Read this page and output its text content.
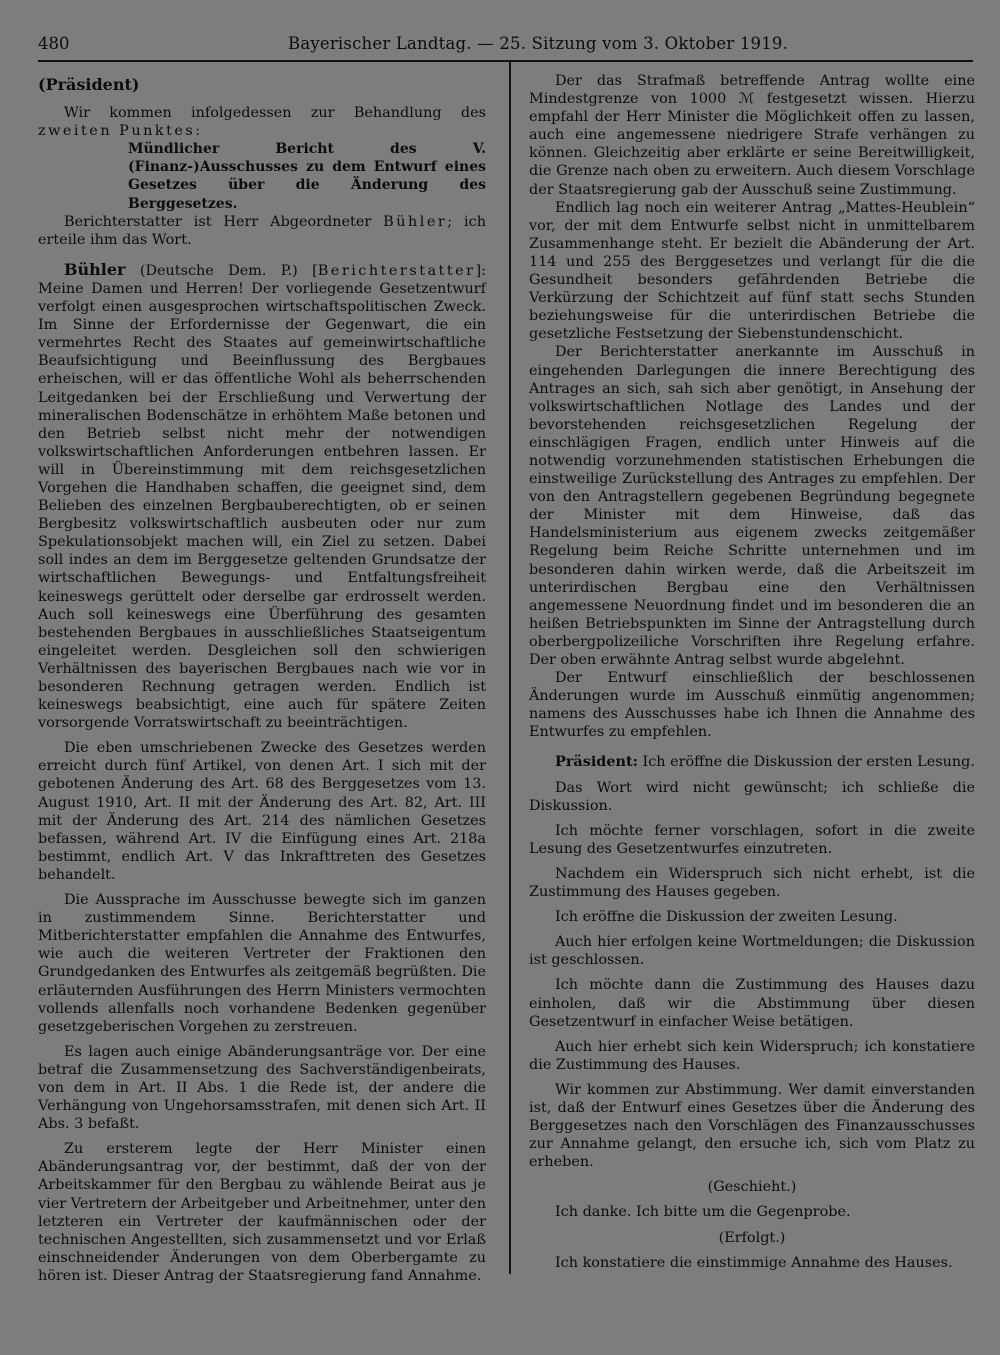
480	Bayerischer Landtag. — 25. Sitzung vom 3. Oktober 1919.
(Präsident)

Wir kommen infolgedessen zur Behandlung des zweiten Punktes:

Mündlicher Bericht des V. (Finanz-)Ausschusses zu dem Entwurf eines Gesetzes über die Änderung des Berggesetzes.

Berichterstatter ist Herr Abgeordneter Bühler; ich erteile ihm das Wort.

Bühler (Deutsche Dem. P.) [Berichterstatter]: Meine Damen und Herren! Der vorliegende Gesetzentwurf verfolgt einen ausgesprochen wirtschaftspolitischen Zweck. Im Sinne der Erfordernisse der Gegenwart, die ein vermehrtes Recht des Staates auf gemeinwirtschaftliche Beaufsichtigung und Beeinflussung des Bergbaues erheischen, will er das öffentliche Wohl als beherrschenden Leitgedanken bei der Erschließung und Verwertung der mineralischen Bodenschätze in erhöhtem Maße betonen und den Betrieb selbst nicht mehr der notwendigen volkswirtschaftlichen Anforderungen entbehren lassen. Er will in Übereinstimmung mit dem reichsgesetzlichen Vorgehen die Handhaben schaffen, die geeignet sind, dem Belieben des einzelnen Bergbauberechtigten, ob er seinen Bergbesitz volkswirtschaftlich ausbeuten oder nur zum Spekulationsobjekt machen will, ein Ziel zu setzen. Dabei soll indes an dem im Berggesetze geltenden Grundsatze der wirtschaftlichen Bewegungs- und Entfaltungsfreiheit keineswegs gerüttelt oder derselbe gar erdrosselt werden. Auch soll keineswegs eine Überführung des gesamten bestehenden Bergbaues in ausschließliches Staatseigentum eingeleitet werden. Desgleichen soll den schwierigen Verhältnissen des bayerischen Bergbaues nach wie vor in besonderen Rechnung getragen werden. Endlich ist keineswegs beabsichtigt, eine auch für spätere Zeiten vorsorgende Vorratswirtschaft zu beeinträchtigen.

Die eben umschriebenen Zwecke des Gesetzes werden erreicht durch fünf Artikel, von denen Art. I sich mit der gebotenen Änderung des Art. 68 des Berggesetzes vom 13. August 1910, Art. II mit der Änderung des Art. 82, Art. III mit der Änderung des Art. 214 des nämlichen Gesetzes befassen, während Art. IV die Einfügung eines Art. 218a bestimmt, endlich Art. V das Inkrafttreten des Gesetzes behandelt.

Die Aussprache im Ausschusse bewegte sich im ganzen in zustimmendem Sinne. Berichterstatter und Mitberichterstatter empfahlen die Annahme des Entwurfes, wie auch die weiteren Vertreter der Fraktionen den Grundgedanken des Entwurfes als zeitgemäß begrüßten. Die erläuternden Ausführungen des Herrn Ministers vermochten vollends allenfalls noch vorhandene Bedenken gegenüber gesetzgeberischen Vorgehen zu zerstreuen.

Es lagen auch einige Abänderungsanträge vor. Der eine betraf die Zusammensetzung des Sachverständigenbeirats, von dem in Art. II Abs. 1 die Rede ist, der andere die Verhängung von Ungehorsamsstrafen, mit denen sich Art. II Abs. 3 befaßt.

Zu ersterem legte der Herr Minister einen Abänderungsantrag vor, der bestimmt, daß der von der Arbeitskammer für den Bergbau zu wählende Beirat aus je vier Vertretern der Arbeitgeber und Arbeitnehmer, unter den letzteren ein Vertreter der kaufmännischen oder der technischen Angestellten, sich zusammensetzt und vor Erlaß einschneidender Änderungen von dem Oberbergamte zu hören ist. Dieser Antrag der Staatsregierung fand Annahme.

Der das Strafmaß betreffende Antrag wollte eine Mindestgrenze von 1000 ℳ festgesetzt wissen. Hierzu empfahl der Herr Minister die Möglichkeit offen zu lassen, auch eine angemessene niedrigere Strafe verhängen zu können. Gleichzeitig aber erklärte er seine Bereitwilligkeit, die Grenze nach oben zu erweitern. Auch diesem Vorschlage der Staatsregierung gab der Ausschuß seine Zustimmung.

Endlich lag noch ein weiterer Antrag „Mattes-Heublein“ vor, der mit dem Entwurfe selbst nicht in unmittelbarem Zusammenhange steht. Er bezielt die Abänderung der Art. 114 und 255 des Berggesetzes und verlangt für die die Gesundheit besonders gefährdenden Betriebe die Verkürzung der Schichtzeit auf fünf statt sechs Stunden beziehungsweise für die unterirdischen Betriebe die gesetzliche Festsetzung der Siebenstundenschicht.

Der Berichterstatter anerkannte im Ausschuß in eingehenden Darlegungen die innere Berechtigung des Antrages an sich, sah sich aber genötigt, in Ansehung der volkswirtschaftlichen Notlage des Landes und der bevorstehenden reichsgesetzlichen Regelung der einschlägigen Fragen, endlich unter Hinweis auf die notwendig vorzunehmenden statistischen Erhebungen die einstweilige Zurückstellung des Antrages zu empfehlen. Der von den Antragstellern gegebenen Begründung begegnete der Minister mit dem Hinweise, daß das Handelsministerium aus eigenem zwecks zeitgemäßer Regelung beim Reiche Schritte unternehmen und im besonderen dahin wirken werde, daß die Arbeitszeit im unterirdischen Bergbau eine den Verhältnissen angemessene Neuordnung findet und im besonderen die an heißen Betriebspunkten im Sinne der Antragstellung durch oberbergpolizeiliche Vorschriften ihre Regelung erfahre. Der oben erwähnte Antrag selbst wurde abgelehnt.

Der Entwurf einschließlich der beschlossenen Änderungen wurde im Ausschuß einmütig angenommen; namens des Ausschusses habe ich Ihnen die Annahme des Entwurfes zu empfehlen.

Präsident: Ich eröffne die Diskussion der ersten Lesung.

Das Wort wird nicht gewünscht; ich schließe die Diskussion.

Ich möchte ferner vorschlagen, sofort in die zweite Lesung des Gesetzentwurfes einzutreten.

Nachdem ein Widerspruch sich nicht erhebt, ist die Zustimmung des Hauses gegeben.

Ich eröffne die Diskussion der zweiten Lesung.

Auch hier erfolgen keine Wortmeldungen; die Diskussion ist geschlossen.

Ich möchte dann die Zustimmung des Hauses dazu einholen, daß wir die Abstimmung über diesen Gesetzentwurf in einfacher Weise betätigen.

Auch hier erhebt sich kein Widerspruch; ich konstatiere die Zustimmung des Hauses.

Wir kommen zur Abstimmung. Wer damit einverstanden ist, daß der Entwurf eines Gesetzes über die Änderung des Berggesetzes nach den Vorschlägen des Finanzausschusses zur Annahme gelangt, den ersuche ich, sich vom Platz zu erheben.

(Geschieht.)

Ich danke. Ich bitte um die Gegenprobe.

(Erfolgt.)

Ich konstatiere die einstimmige Annahme des Hauses.
